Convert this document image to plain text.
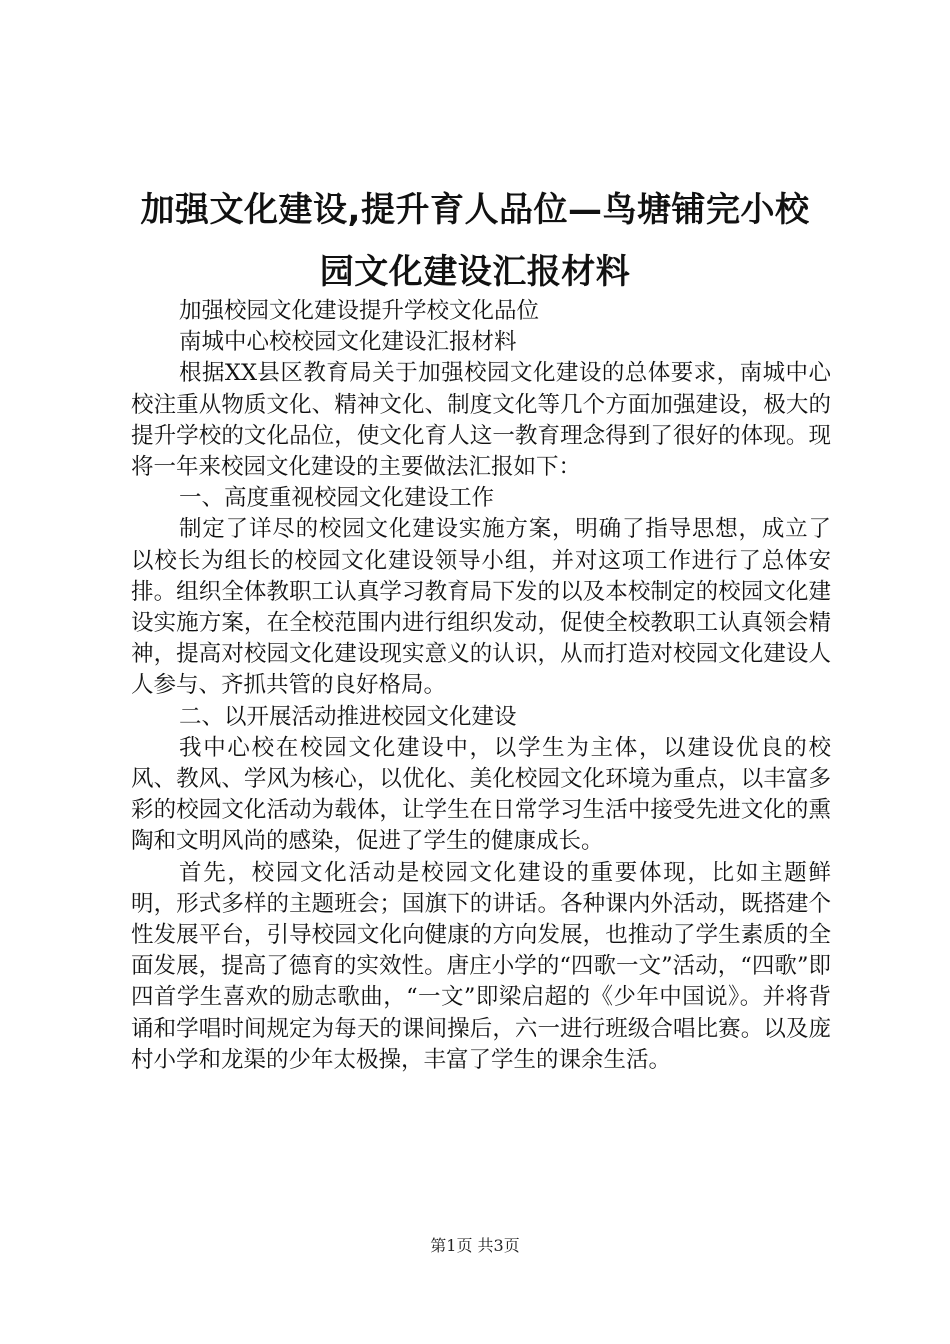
加强文化建设,提升育人品位—鸟塘铺完小校
园文化建设汇报材料

加强校园文化建设提升学校文化品位

南城中心校校园文化建设汇报材料

根据XX县区教育局关于加强校园文化建设的总体要求，南城中心校注重从物质文化、精神文化、制度文化等几个方面加强建设，极大的提升学校的文化品位，使文化育人这一教育理念得到了很好的体现。现将一年来校园文化建设的主要做法汇报如下：

一、高度重视校园文化建设工作

制定了详尽的校园文化建设实施方案，明确了指导思想，成立了以校长为组长的校园文化建设领导小组，并对这项工作进行了总体安排。组织全体教职工认真学习教育局下发的以及本校制定的校园文化建设实施方案，在全校范围内进行组织发动，促使全校教职工认真领会精神，提高对校园文化建设现实意义的认识，从而打造对校园文化建设人人参与、齐抓共管的良好格局。

二、以开展活动推进校园文化建设

我中心校在校园文化建设中，以学生为主体，以建设优良的校风、教风、学风为核心，以优化、美化校园文化环境为重点，以丰富多彩的校园文化活动为载体，让学生在日常学习生活中接受先进文化的熏陶和文明风尚的感染，促进了学生的健康成长。

首先，校园文化活动是校园文化建设的重要体现，比如主题鲜明，形式多样的主题班会；国旗下的讲话。各种课内外活动，既搭建个性发展平台，引导校园文化向健康的方向发展，也推动了学生素质的全面发展，提高了德育的实效性。唐庄小学的“四歌一文”活动，“四歌”即四首学生喜欢的励志歌曲，“一文”即梁启超的《少年中国说》。并将背诵和学唱时间规定为每天的课间操后，六一进行班级合唱比赛。以及庞村小学和龙渠的少年太极操，丰富了学生的课余生活。

第1页 共3页
